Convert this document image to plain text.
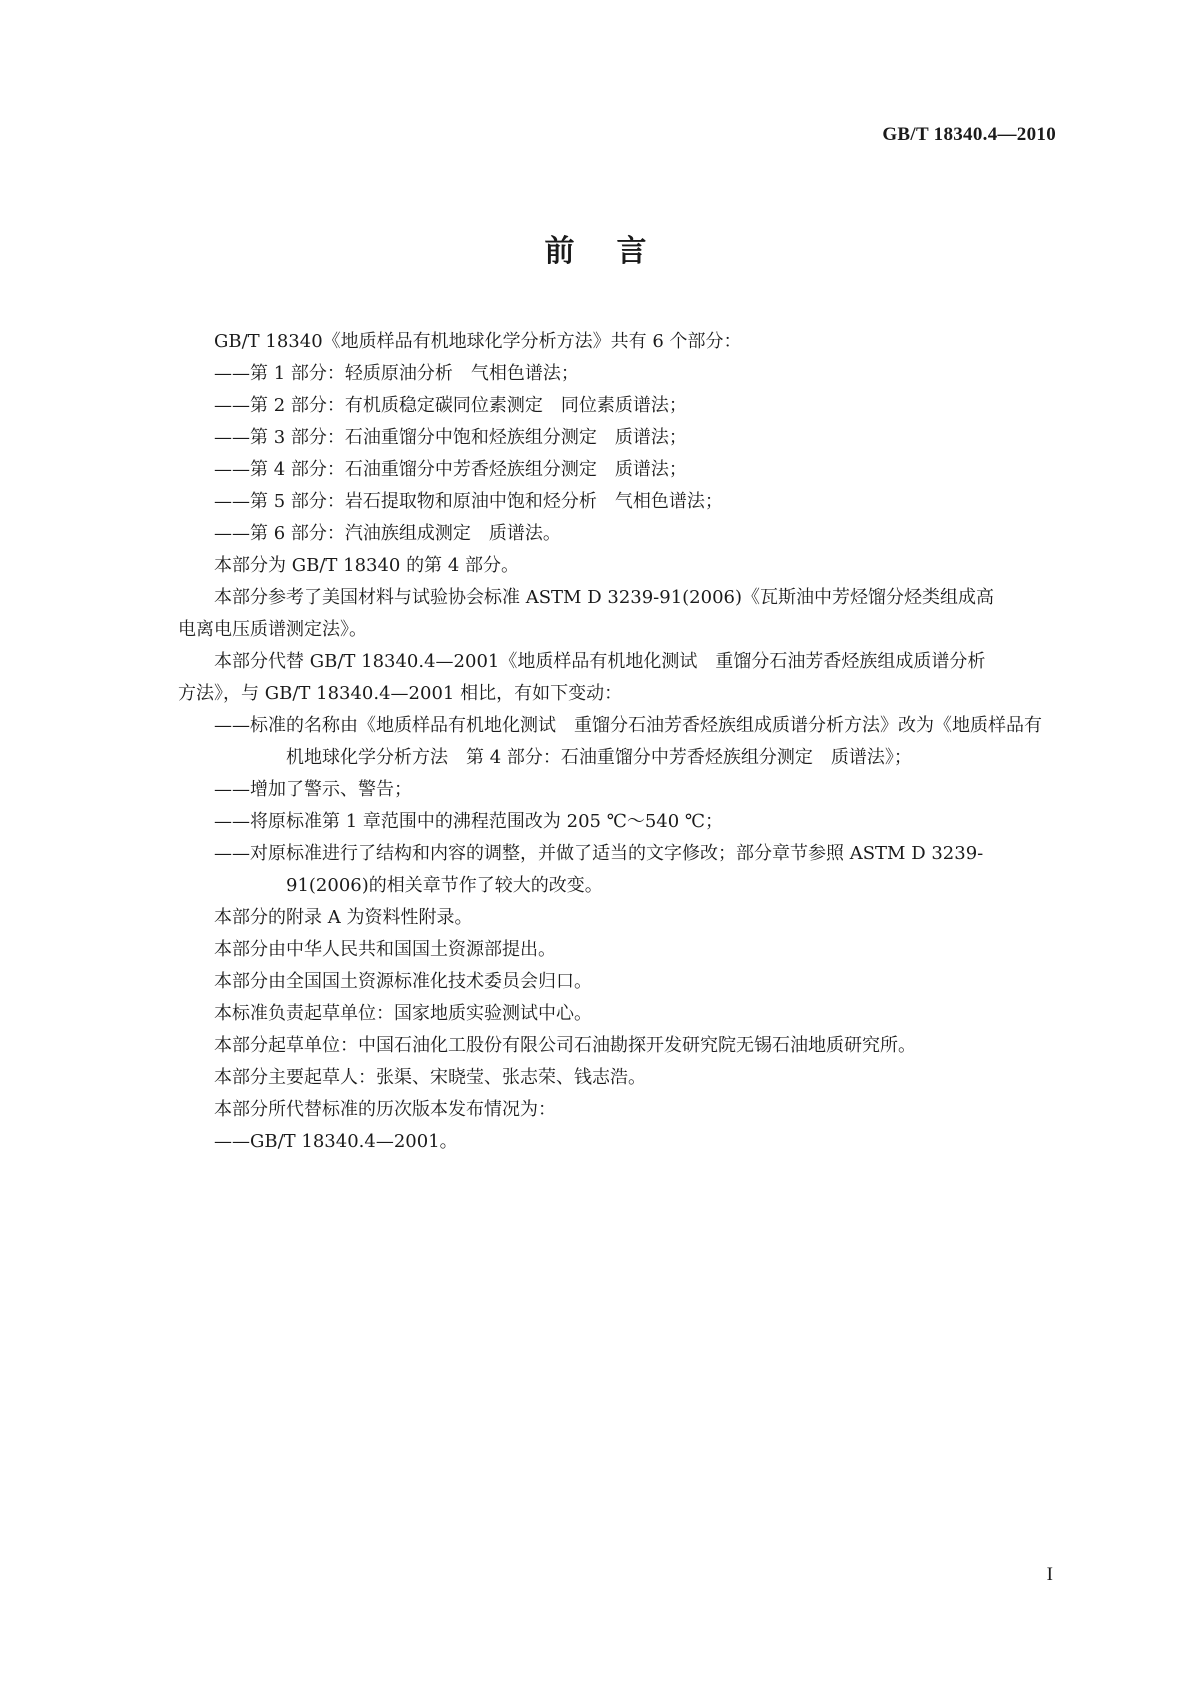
GB/T 18340.4—2010
前言

GB/T 18340《地质样品有机地球化学分析方法》共有 6 个部分：

——第 1 部分：轻质原油分析　气相色谱法；

——第 2 部分：有机质稳定碳同位素测定　同位素质谱法；

——第 3 部分：石油重馏分中饱和烃族组分测定　质谱法；

——第 4 部分：石油重馏分中芳香烃族组分测定　质谱法；

——第 5 部分：岩石提取物和原油中饱和烃分析　气相色谱法；

——第 6 部分：汽油族组成测定　质谱法。

本部分为 GB/T 18340 的第 4 部分。

本部分参考了美国材料与试验协会标准 ASTM D 3239-91(2006)《瓦斯油中芳烃馏分烃类组成高

电离电压质谱测定法》。

本部分代替 GB/T 18340.4—2001《地质样品有机地化测试　重馏分石油芳香烃族组成质谱分析

方法》，与 GB/T 18340.4—2001 相比，有如下变动：

——标准的名称由《地质样品有机地化测试　重馏分石油芳香烃族组成质谱分析方法》改为《地质样品有机地球化学分析方法　第 4 部分：石油重馏分中芳香烃族组分测定　质谱法》；

——增加了警示、警告；

——将原标准第 1 章范围中的沸程范围改为 205 ℃～540 ℃；

——对原标准进行了结构和内容的调整，并做了适当的文字修改；部分章节参照 ASTM D 3239-91(2006)的相关章节作了较大的改变。

本部分的附录 A 为资料性附录。

本部分由中华人民共和国国土资源部提出。

本部分由全国国土资源标准化技术委员会归口。

本标准负责起草单位：国家地质实验测试中心。

本部分起草单位：中国石油化工股份有限公司石油勘探开发研究院无锡石油地质研究所。

本部分主要起草人：张渠、宋晓莹、张志荣、钱志浩。

本部分所代替标准的历次版本发布情况为：

——GB/T 18340.4—2001。

I
